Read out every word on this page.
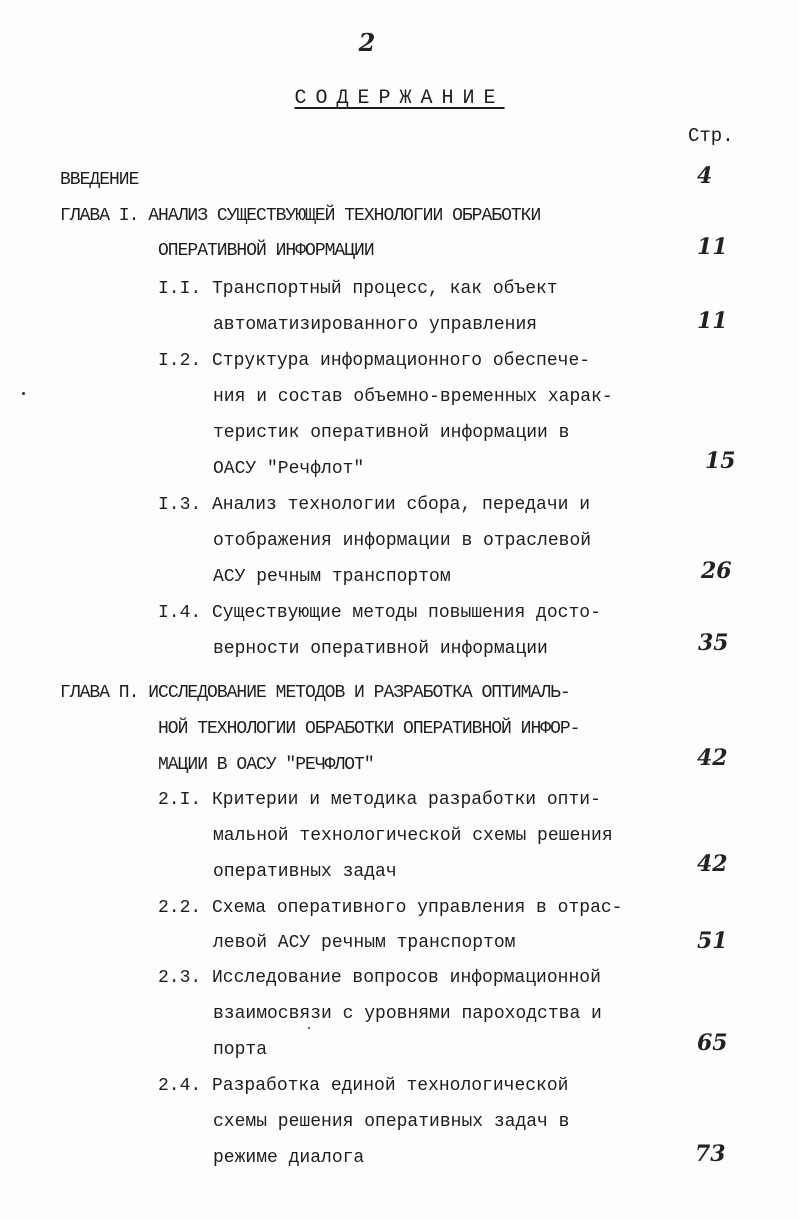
2
СОДЕРЖАНИЕ
Стр.
ВВЕДЕНИЕ	4
ГЛАВА I. АНАЛИЗ СУЩЕСТВУЮЩЕЙ ТЕХНОЛОГИИ ОБРАБОТКИ
ОПЕРАТИВНОЙ ИНФОРМАЦИИ	11
I.I. Транспортный процесс, как объект
автоматизированного управления	11
I.2. Структура информационного обеспече-
ния и состав объемно-временных харак-
теристик оперативной информации в
ОАСУ "Речфлот"	15
I.3. Анализ технологии сбора, передачи и
отображения информации в отраслевой
АСУ речным транспортом	26
I.4. Существующие методы повышения досто-
верности оперативной информации	35
ГЛАВА П. ИССЛЕДОВАНИЕ МЕТОДОВ И РАЗРАБОТКА ОПТИМАЛЬ-
НОЙ ТЕХНОЛОГИИ ОБРАБОТКИ ОПЕРАТИВНОЙ ИНФОР-
МАЦИИ В ОАСУ "РЕЧФЛОТ"	42
2.I. Критерии и методика разработки опти-
мальной технологической схемы решения
оперативных задач	42
2.2. Схема оперативного управления в отрас-
левой АСУ речным транспортом	51
2.3. Исследование вопросов информационной
взаимосвязи с уровнями пароходства и
порта	65
2.4. Разработка единой технологической
схемы решения оперативных задач в
режиме диалога	73
